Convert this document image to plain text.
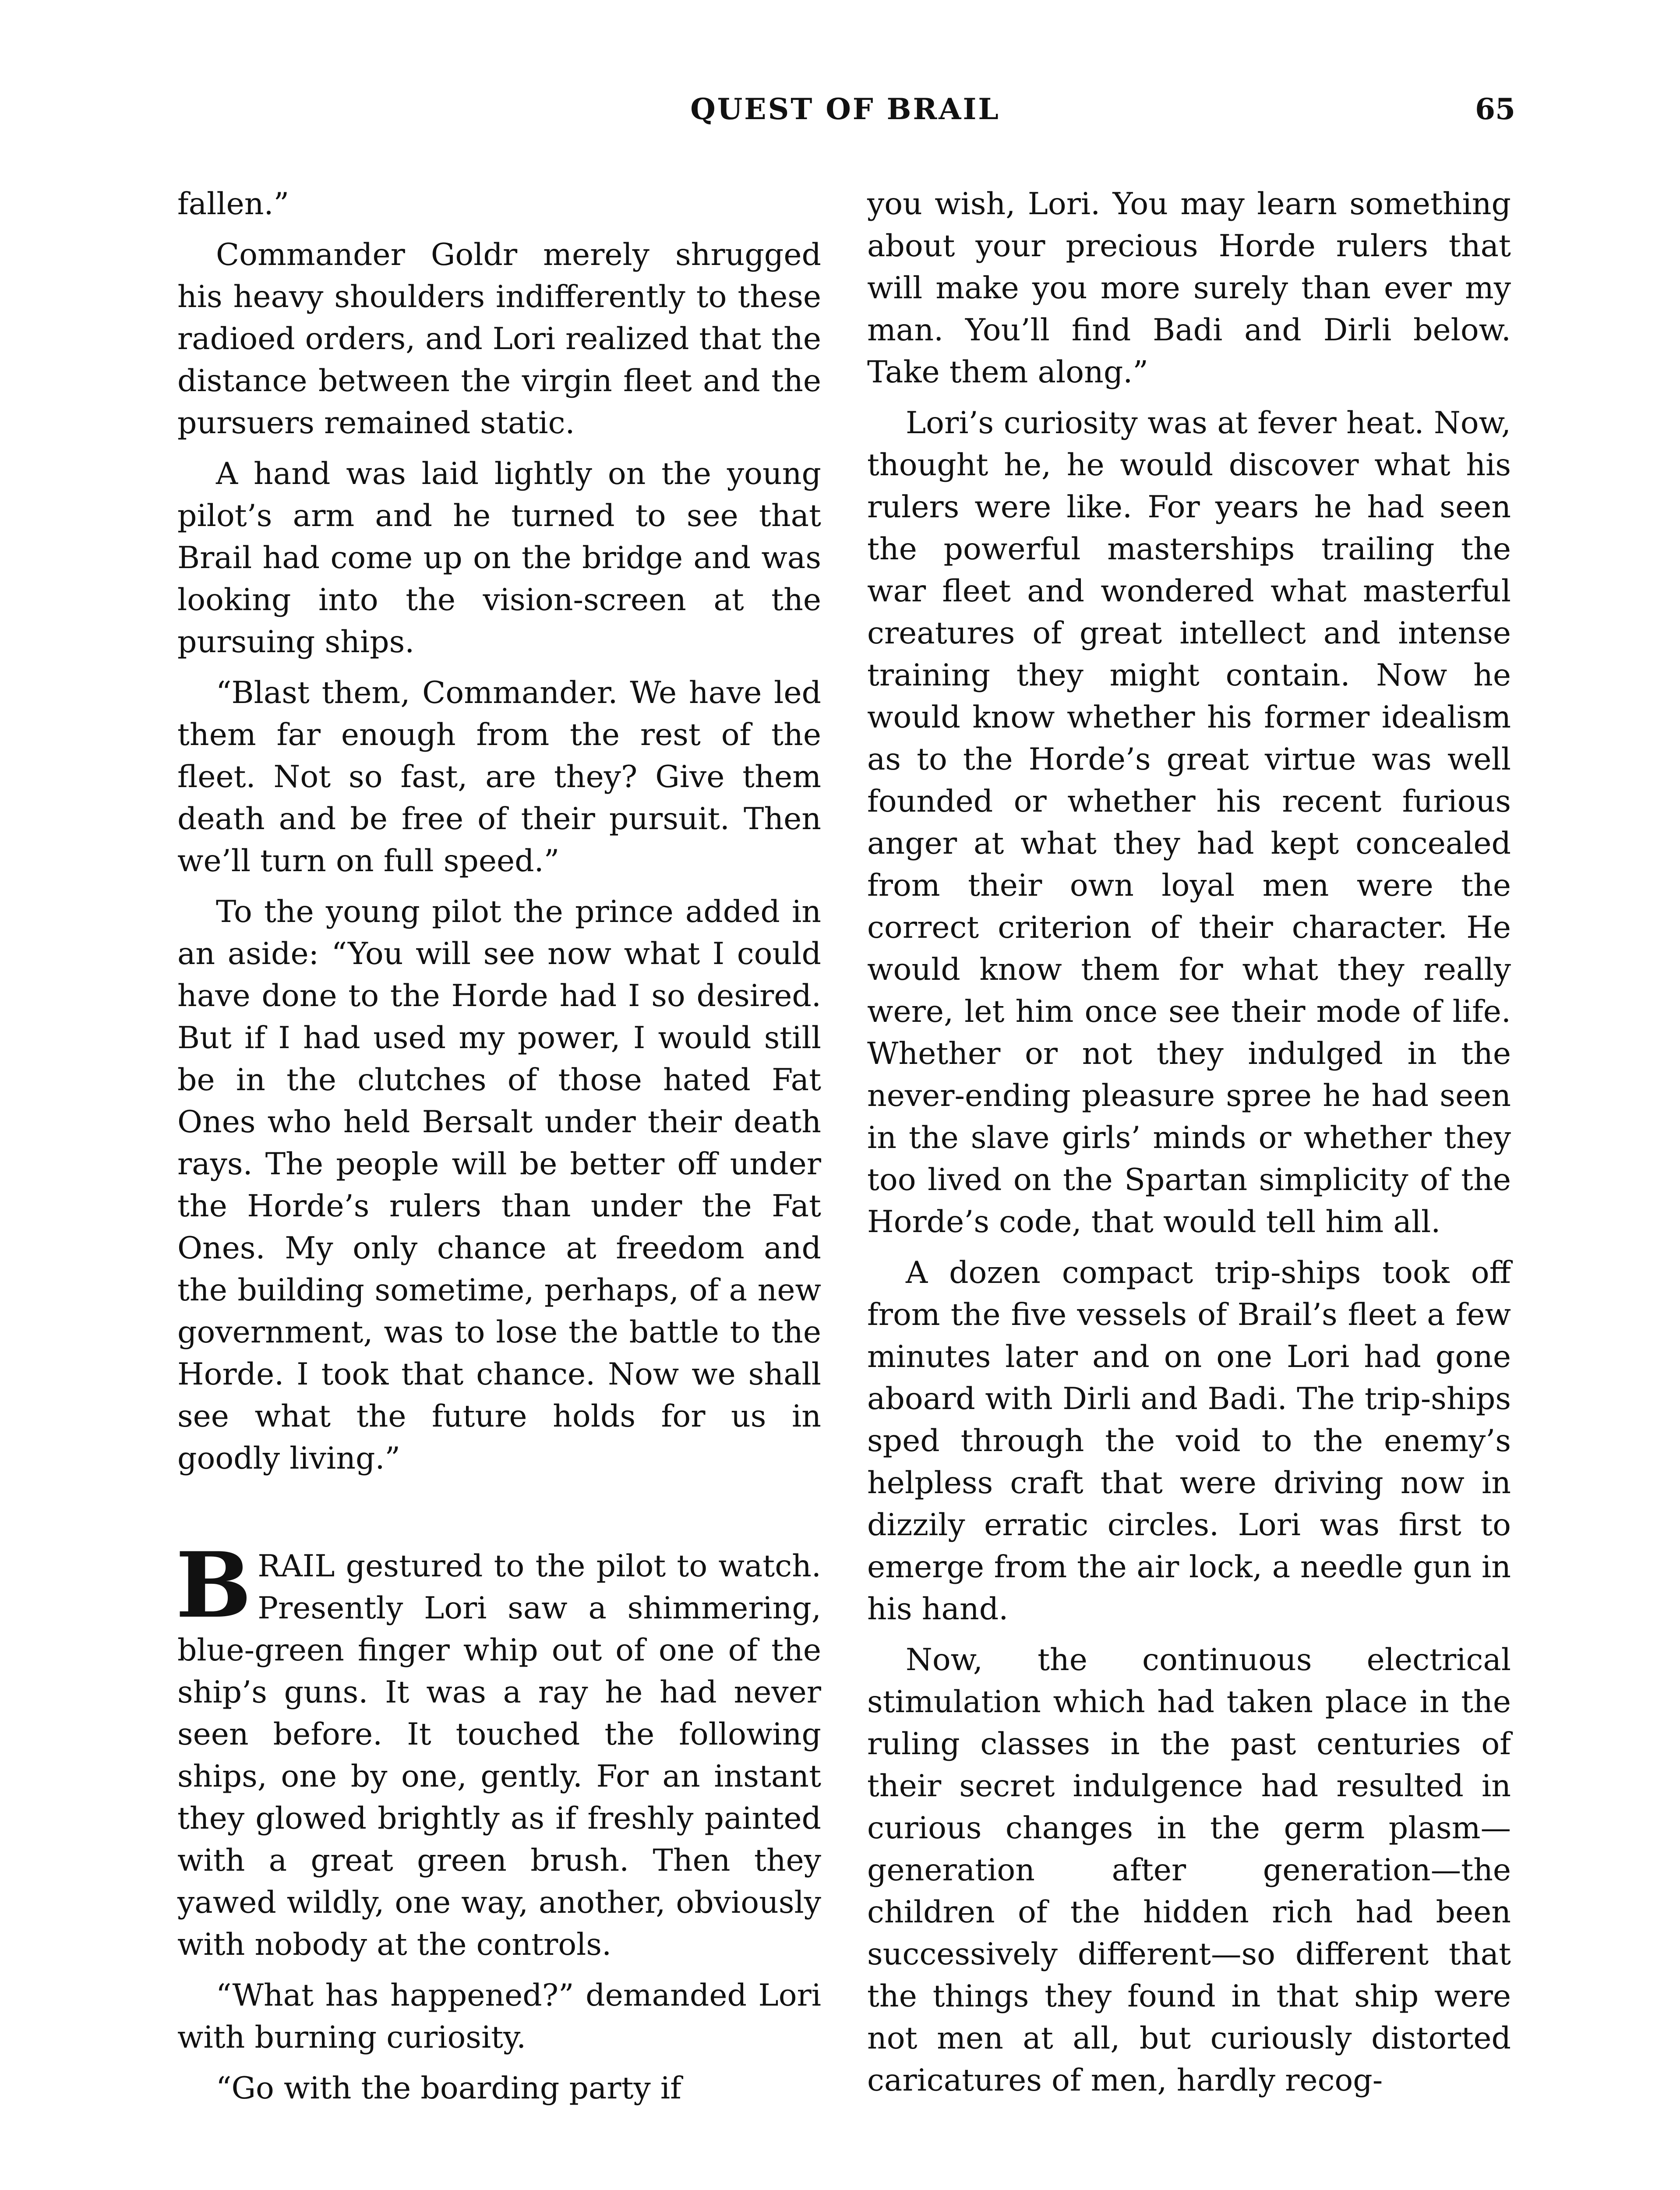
QUEST OF BRAIL	65

fallen.”

Commander Goldr merely shrugged his heavy shoulders indifferently to these radioed orders, and Lori realized that the distance between the virgin fleet and the pursuers remained static.

A hand was laid lightly on the young pilot’s arm and he turned to see that Brail had come up on the bridge and was looking into the vision-screen at the pursuing ships.

“Blast them, Commander. We have led them far enough from the rest of the fleet. Not so fast, are they? Give them death and be free of their pursuit. Then we’ll turn on full speed.”

To the young pilot the prince added in an aside: “You will see now what I could have done to the Horde had I so desired. But if I had used my power, I would still be in the clutches of those hated Fat Ones who held Bersalt under their death rays. The people will be better off under the Horde’s rulers than under the Fat Ones. My only chance at freedom and the building sometime, perhaps, of a new government, was to lose the battle to the Horde. I took that chance. Now we shall see what the future holds for us in goodly living.”

BRAIL gestured to the pilot to watch. Presently Lori saw a shimmering, blue-green finger whip out of one of the ship’s guns. It was a ray he had never seen before. It touched the following ships, one by one, gently. For an instant they glowed brightly as if freshly painted with a great green brush. Then they yawed wildly, one way, another, obviously with nobody at the controls.

“What has happened?” demanded Lori with burning curiosity.

“Go with the boarding party if

you wish, Lori. You may learn something about your precious Horde rulers that will make you more surely than ever my man. You’ll find Badi and Dirli below. Take them along.”

Lori’s curiosity was at fever heat. Now, thought he, he would discover what his rulers were like. For years he had seen the powerful masterships trailing the war fleet and wondered what masterful creatures of great intellect and intense training they might contain. Now he would know whether his former idealism as to the Horde’s great virtue was well founded or whether his recent furious anger at what they had kept concealed from their own loyal men were the correct criterion of their character. He would know them for what they really were, let him once see their mode of life. Whether or not they indulged in the never-ending pleasure spree he had seen in the slave girls’ minds or whether they too lived on the Spartan simplicity of the Horde’s code, that would tell him all.

A dozen compact trip-ships took off from the five vessels of Brail’s fleet a few minutes later and on one Lori had gone aboard with Dirli and Badi. The trip-ships sped through the void to the enemy’s helpless craft that were driving now in dizzily erratic circles. Lori was first to emerge from the air lock, a needle gun in his hand.

Now, the continuous electrical stimulation which had taken place in the ruling classes in the past centuries of their secret indulgence had resulted in curious changes in the germ plasm—generation after generation—the children of the hidden rich had been successively different—so different that the things they found in that ship were not men at all, but curiously distorted caricatures of men, hardly recog-
